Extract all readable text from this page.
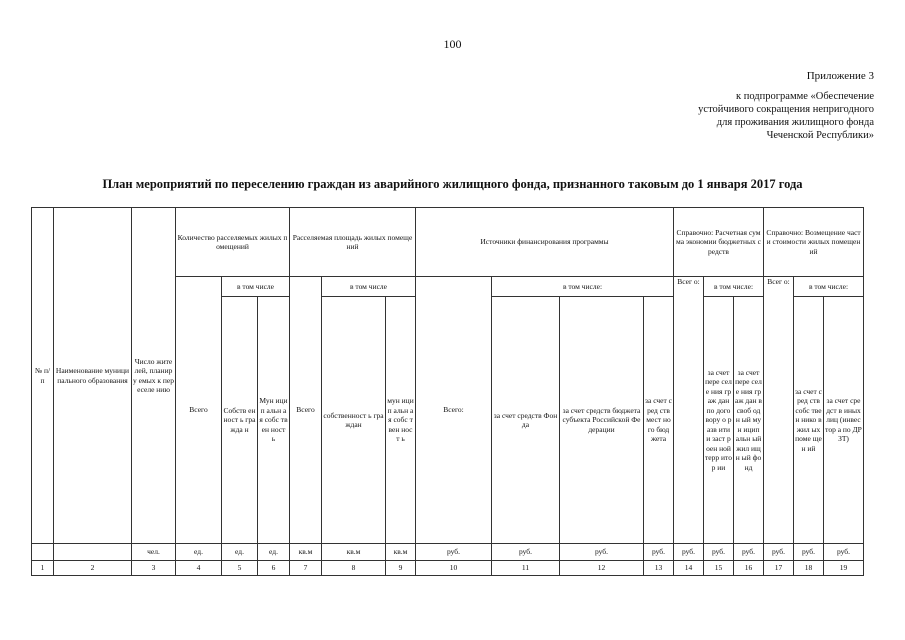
100
Приложение 3
к подпрограмме «Обеспечение
устойчивого сокращения непригодного
для проживания жилищного фонда
Чеченской Республики»
План мероприятий по переселению граждан из аварийного жилищного фонда, признанного таковым до 1 января 2017 года
№ п/ п	Наименование муниципального образования	Число жителей, планиру емых к переселе нию	Количество расселяемых жилых помещений			Расселяемая площадь жилых помещений			Источники финансирования программы				Справочно: Расчетная сумма экономии бюджетных средств			Справочно: Возмещение части стоимости жилых помещений		
			Всего	в том числе		Всего	в том числе		Всего:	в том числе:			Всег о:	в том числе:		Всег о:	в том числе:	
				Собств енност ь гражда н	Мун ицип альн ая собс твен ност ь		собственност ь граждан	мун ицип альн ая собс твен ност ь		за счет средств Фонда	за счет средств бюджета субъекта Российской Федерации	за счет сред ств мест ного бюд жета		за счет пере селе ния граж дан по дого вору о разв итии заст роен ной терр итор ии	за счет пере селе ния граж дан в своб одн ый мун ицип альн ый жил ищн ый фонд		за счет сред ств собс твен нико в жил ых поме щен ий	за счет средст в иных лиц (инвес тор а по ДРЗТ)
		чел.	ед.	ед.	ед.	кв.м	кв.м	кв.м	руб.	руб.	руб.	руб.	руб.	руб.	руб.	руб.	руб.	руб.
1	2	3	4	5	6	7	8	9	10	11	12	13	14	15	16	17	18	19
